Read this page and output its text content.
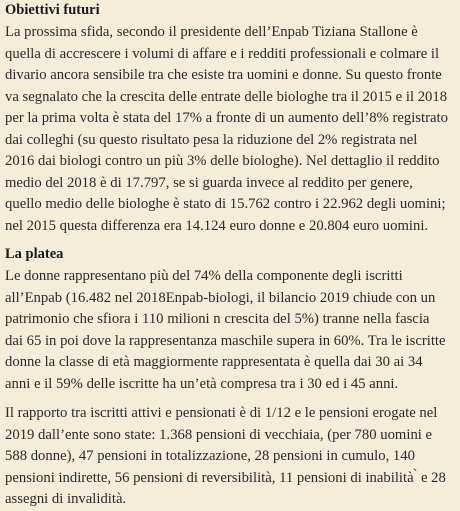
Obiettivi futuri

La prossima sfida, secondo il presidente dell’Enpab Tiziana Stallone è quella di accrescere i volumi di affare e i redditi professionali e colmare il divario ancora sensibile tra che esiste tra uomini e donne. Su questo fronte va segnalato che la crescita delle entrate delle biologhe tra il 2015 e il 2018 per la prima volta è stata del 17% a fronte di un aumento dell’8% registrato dai colleghi (su questo risultato pesa la riduzione del 2% registrata nel 2016 dai biologi contro un più 3% delle biologhe). Nel dettaglio il reddito medio del 2018 è di 17.797, se si guarda invece al reddito per genere, quello medio delle biologhe è stato di 15.762 contro i 22.962 degli uomini; nel 2015 questa differenza era 14.124 euro donne e 20.804 euro uomini.

La platea

Le donne rappresentano più del 74% della componente degli iscritti all’Enpab (16.482 nel 2018Enpab-biologi, il bilancio 2019 chiude con un patrimonio che sfiora i 110 milioni n crescita del 5%) tranne nella fascia dai 65 in poi dove la rappresentanza maschile supera in 60%. Tra le iscritte donne la classe di età maggiormente rappresentata è quella dai 30 ai 34 anni e il 59% delle iscritte ha un’età compresa tra i 30 ed i 45 anni.

Il rapporto tra iscritti attivi e pensionati è di 1/12 e le pensioni erogate nel 2019 dall’ente sono state: 1.368 pensioni di vecchiaia, (per 780 uomini e 588 donne), 47 pensioni in totalizzazione, 28 pensioni in cumulo, 140 pensioni indirette, 56 pensioni di reversibilità, 11 pensioni di inabilità ̀ e 28 assegni di invalidità.
